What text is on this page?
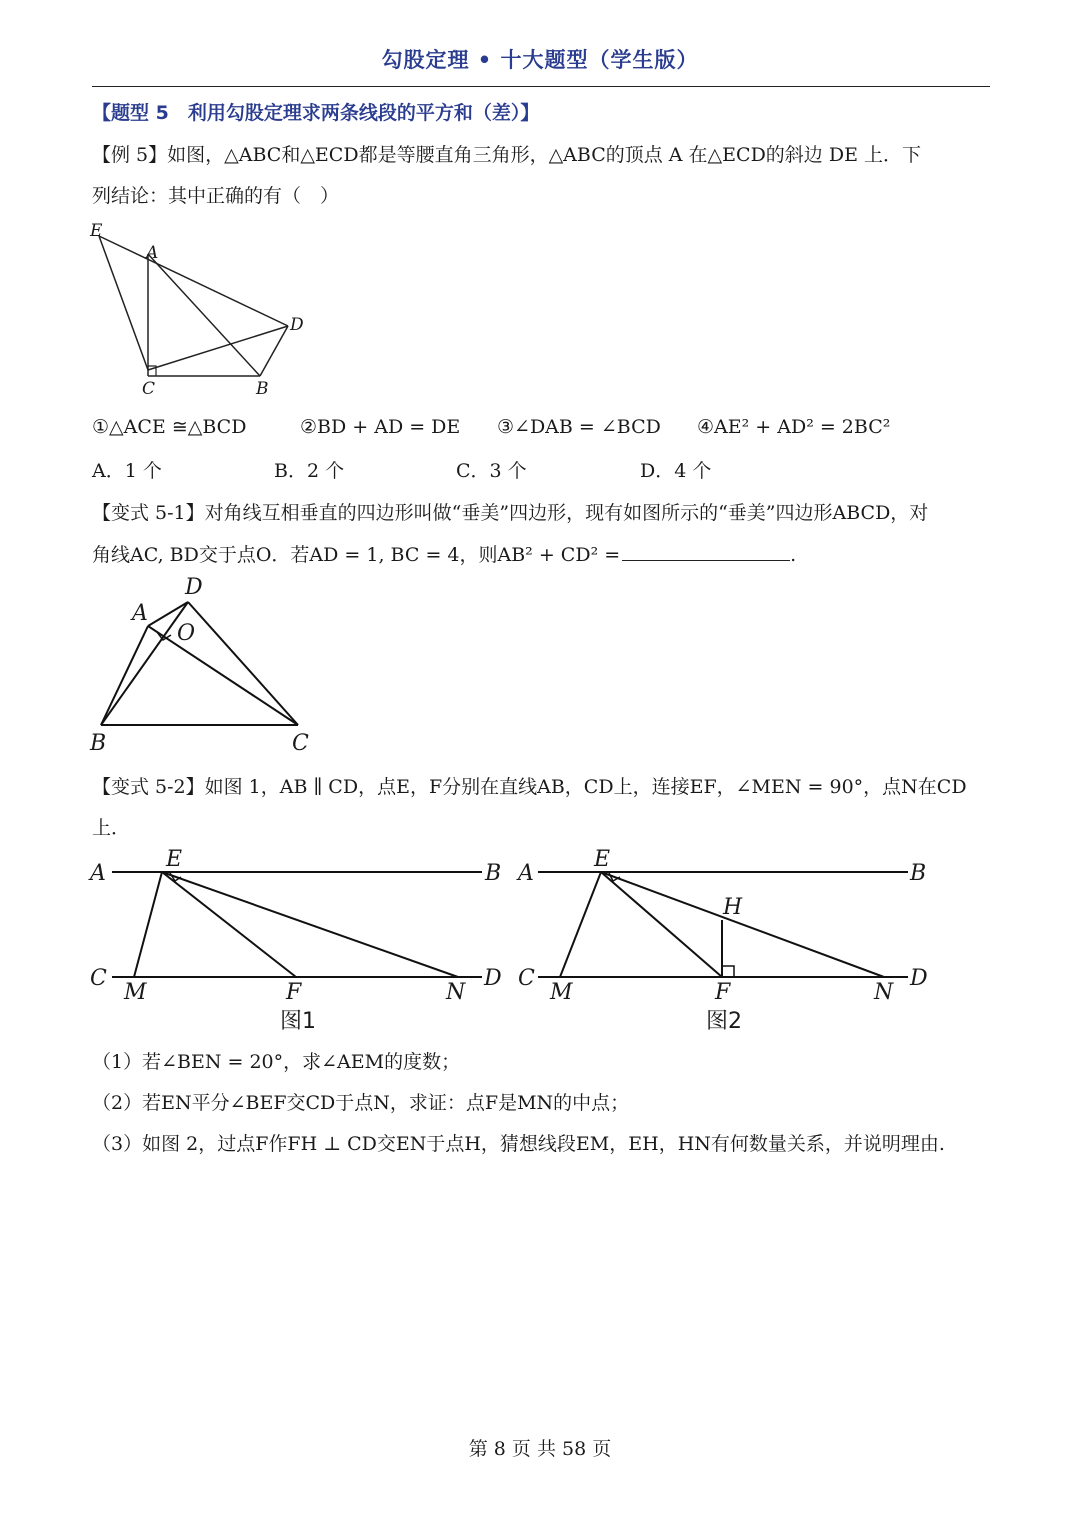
勾股定理 • 十大题型（学生版）
【题型 5　利用勾股定理求两条线段的平方和（差）】
【例 5】如图，△ABC和△ECD都是等腰直角三角形，△ABC的顶点 A 在△ECD的斜边 DE 上．下
列结论：其中正确的有（　）
E
A
D
C	B
①△ACE ≅△BCD	②BD + AD = DE ③∠DAB = ∠BCD ④AE² + AD² = 2BC²
A．1 个	B．2 个	C．3 个	D．4 个
【变式 5-1】对角线互相垂直的四边形叫做“垂美”四边形，现有如图所示的“垂美”四边形ABCD，对
角线AC, BD交于点O．若AD = 1, BC = 4，则AB² + CD² =	.
A
D
O
B	C
【变式 5-2】如图 1，AB ∥ CD，点E，F分别在直线AB，CD上，连接EF，∠MEN = 90°，点N在CD
上．
A
E
B
C
M	F	N
D
图1
A
E
B
H
C
M	F	N
D
图2
（1）若∠BEN = 20°，求∠AEM的度数；
（2）若EN平分∠BEF交CD于点N，求证：点F是MN的中点；
（3）如图 2，过点F作FH ⊥ CD交EN于点H，猜想线段EM，EH，HN有何数量关系，并说明理由.
第 8 页 共 58 页
